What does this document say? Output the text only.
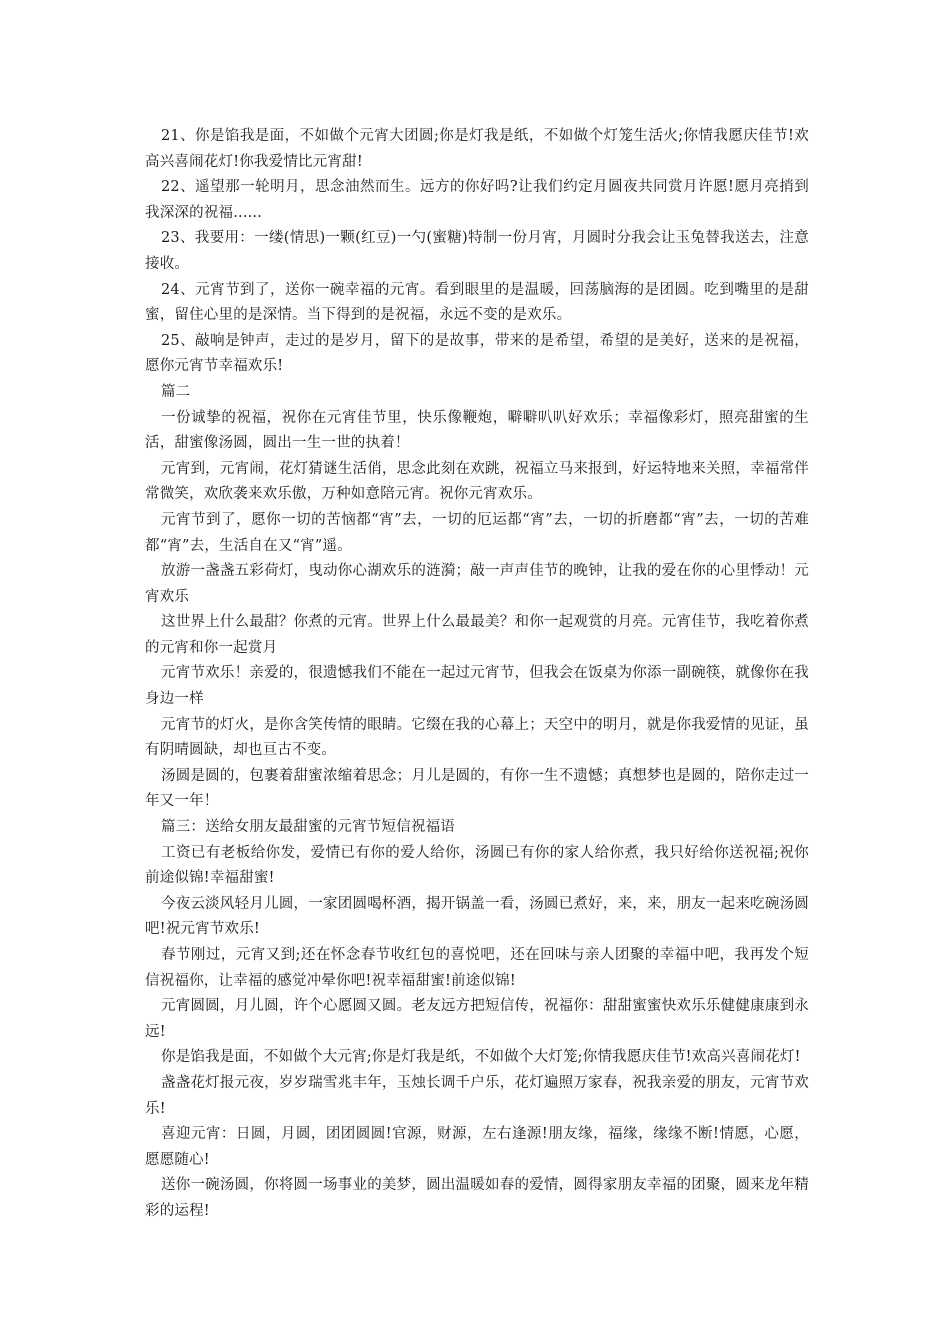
21、你是馅我是面，不如做个元宵大团圆;你是灯我是纸，不如做个灯笼生活火;你情我愿庆佳节!欢高兴喜闹花灯!你我爱情比元宵甜!

22、遥望那一轮明月，思念油然而生。远方的你好吗?让我们约定月圆夜共同赏月许愿!愿月亮捎到我深深的祝福......

23、我要用：一缕(情思)一颗(红豆)一勺(蜜糖)特制一份月宵，月圆时分我会让玉兔替我送去，注意接收。

24、元宵节到了，送你一碗幸福的元宵。看到眼里的是温暖，回荡脑海的是团圆。吃到嘴里的是甜蜜，留住心里的是深情。当下得到的是祝福，永远不变的是欢乐。

25、敲响是钟声，走过的是岁月，留下的是故事，带来的是希望，希望的是美好，送来的是祝福，愿你元宵节幸福欢乐!

篇二

一份诚挚的祝福，祝你在元宵佳节里，快乐像鞭炮，噼噼叭叭好欢乐；幸福像彩灯，照亮甜蜜的生活，甜蜜像汤圆，圆出一生一世的执着！

元宵到，元宵闹，花灯猜谜生活俏，思念此刻在欢跳，祝福立马来报到，好运特地来关照，幸福常伴常微笑，欢欣袭来欢乐傲，万种如意陪元宵。祝你元宵欢乐。

元宵节到了，愿你一切的苦恼都“宵”去，一切的厄运都“宵”去，一切的折磨都“宵”去，一切的苦难都“宵”去，生活自在又“宵”遥。

放游一盏盏五彩荷灯，曳动你心湖欢乐的涟漪；敲一声声佳节的晚钟，让我的爱在你的心里悸动！元宵欢乐

这世界上什么最甜？你煮的元宵。世界上什么最最美？和你一起观赏的月亮。元宵佳节，我吃着你煮的元宵和你一起赏月

元宵节欢乐！亲爱的，很遗憾我们不能在一起过元宵节，但我会在饭桌为你添一副碗筷，就像你在我身边一样

元宵节的灯火，是你含笑传情的眼睛。它缀在我的心幕上；天空中的明月，就是你我爱情的见证，虽有阴晴圆缺，却也亘古不变。

汤圆是圆的，包裹着甜蜜浓缩着思念；月儿是圆的，有你一生不遗憾；真想梦也是圆的，陪你走过一年又一年！

篇三：送给女朋友最甜蜜的元宵节短信祝福语

工资已有老板给你发，爱情已有你的爱人给你，汤圆已有你的家人给你煮，我只好给你送祝福;祝你前途似锦!幸福甜蜜!

今夜云淡风轻月儿圆，一家团圆喝杯酒，揭开锅盖一看，汤圆已煮好，来，来，朋友一起来吃碗汤圆吧!祝元宵节欢乐!

春节刚过，元宵又到;还在怀念春节收红包的喜悦吧，还在回味与亲人团聚的幸福中吧，我再发个短信祝福你，让幸福的感觉冲晕你吧!祝幸福甜蜜!前途似锦!

元宵圆圆，月儿圆，许个心愿圆又圆。老友远方把短信传，祝福你：甜甜蜜蜜快欢乐乐健健康康到永远!

你是馅我是面，不如做个大元宵;你是灯我是纸，不如做个大灯笼;你情我愿庆佳节!欢高兴喜闹花灯!

盏盏花灯报元夜，岁岁瑞雪兆丰年，玉烛长调千户乐，花灯遍照万家春，祝我亲爱的朋友，元宵节欢乐!

喜迎元宵：日圆，月圆，团团圆圆!官源，财源，左右逢源!朋友缘，福缘，缘缘不断!情愿，心愿，愿愿随心!

送你一碗汤圆，你将圆一场事业的美梦，圆出温暖如春的爱情，圆得家朋友幸福的团聚，圆来龙年精彩的运程!
